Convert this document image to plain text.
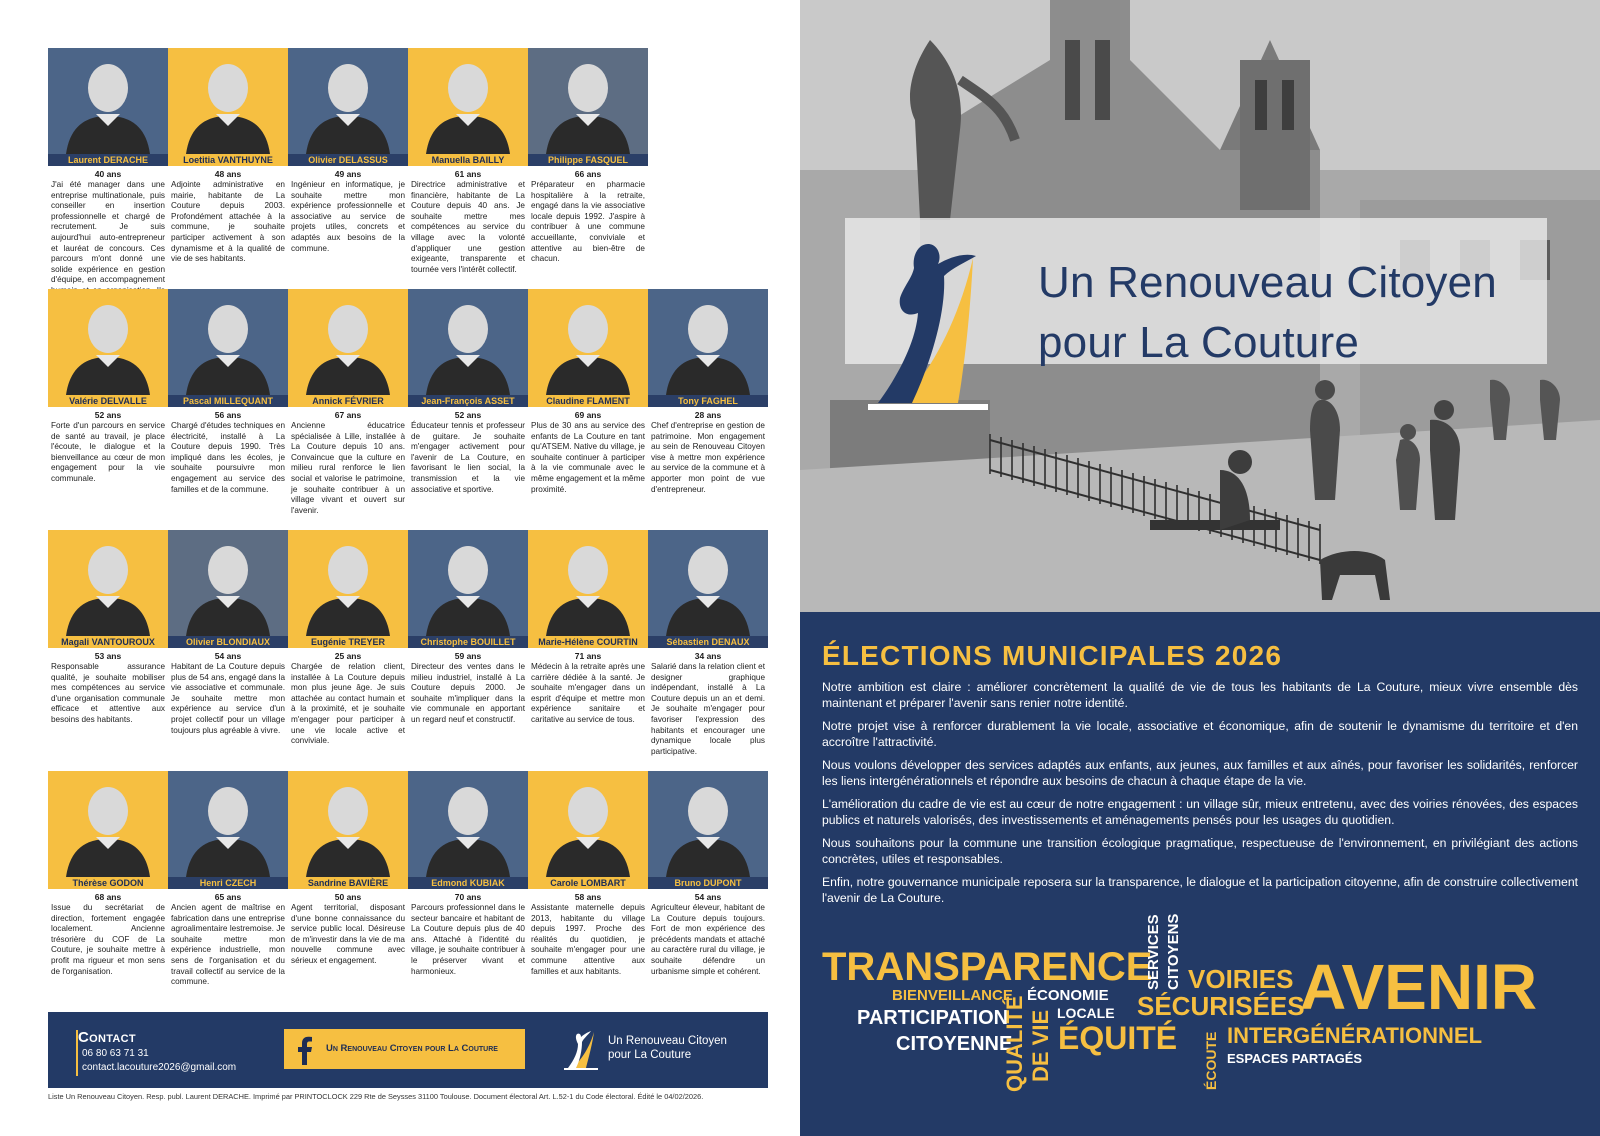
Laurent DERACHE
40 ans
J'ai été manager dans une entreprise multinationale, puis conseiller en insertion professionnelle et chargé de recrutement. Je suis aujourd'hui auto-entrepreneur et lauréat de concours. Ces parcours m'ont donné une solide expérience en gestion d'équipe, en accompagnement
Loetitia VANTHUYNE
48 ans
Adjointe administrative en mairie, habitante de La Couture depuis 2003. Profondément attachée à la commune, je souhaite participer activement à son dynamisme et à la qualité de vie de ses habitants.
Olivier DELASSUS
49 ans
Ingénieur en informatique, je souhaite mettre mon expérience professionnelle et associative au service de projets utiles, concrets et adaptés aux besoins de la commune.
Manuella BAILLY
61 ans
Directrice administrative et financière, habitante de La Couture depuis 40 ans. Je souhaite mettre mes compétences au service du village avec la volonté d'appliquer une gestion exigeante, transparente et tournée vers l'intérêt collectif.
Philippe FASQUEL
66 ans
Préparateur en pharmacie hospitalière à la retraite, engagé dans la vie associative locale depuis 1992. J'aspire à contribuer à une commune accueillante, conviviale et attentive au bien-être de chacun.
Valérie DELVALLE
52 ans
Forte d'un parcours en service de santé au travail, je place l'écoute, le dialogue et la bienveillance au cœur de mon engagement pour la vie communale.
Pascal MILLEQUANT
56 ans
Chargé d'études techniques en électricité, installé à La Couture depuis 1990. Très impliqué dans les écoles, je souhaite poursuivre mon engagement au service des familles et de la commune.
Annick FÉVRIER
67 ans
Ancienne éducatrice spécialisée à Lille, installée à La Couture depuis 10 ans. Convaincue que la culture en milieu rural renforce le lien social et valorise le patrimoine, je souhaite contribuer à un village vivant et ouvert sur l'avenir.
Jean-François ASSET
52 ans
Éducateur tennis et professeur de guitare. Je souhaite m'engager activement pour l'avenir de La Couture, en favorisant le lien social, la transmission et la vie associative et sportive.
Claudine FLAMENT
69 ans
Plus de 30 ans au service des enfants de La Couture en tant qu'ATSEM. Native du village, je souhaite continuer à participer à la vie communale avec le même engagement et la même proximité.
Tony FAGHEL
28 ans
Chef d'entreprise en gestion de patrimoine. Mon engagement au sein de Renouveau Citoyen vise à mettre mon expérience au service de la commune et à apporter mon point de vue d'entrepreneur.
Magali VANTOUROUX
53 ans
Responsable assurance qualité, je souhaite mobiliser mes compétences au service d'une organisation communale efficace et attentive aux besoins des habitants.
Olivier BLONDIAUX
54 ans
Habitant de La Couture depuis plus de 54 ans, engagé dans la vie associative et communale. Je souhaite mettre mon expérience au service d'un projet collectif pour un village toujours plus agréable à vivre.
Eugénie TREYER
25 ans
Chargée de relation client, installée à La Couture depuis mon plus jeune âge. Je suis attachée au contact humain et à la proximité, et je souhaite m'engager pour participer à une vie locale active et conviviale.
Christophe BOUILLET
59 ans
Directeur des ventes dans le milieu industriel, installé à La Couture depuis 2000. Je souhaite m'impliquer dans la vie communale en apportant un regard neuf et constructif.
Marie-Hélène COURTIN
71 ans
Médecin à la retraite après une carrière dédiée à la santé. Je souhaite m'engager dans un esprit d'équipe et mettre mon expérience sanitaire et caritative au service de tous.
Sébastien DENAUX
34 ans
Salarié dans la relation client et designer graphique indépendant, installé à La Couture depuis un an et demi. Je souhaite m'engager pour favoriser l'expression des habitants et encourager une dynamique locale plus participative.
Thérèse GODON
68 ans
Issue du secrétariat de direction, fortement engagée localement. Ancienne trésorière du COF de La Couture, je souhaite mettre à profit ma rigueur et mon sens de l'organisation.
Henri CZECH
65 ans
Ancien agent de maîtrise en fabrication dans une entreprise agroalimentaire lestremoise. Je souhaite mettre mon expérience industrielle, mon sens de l'organisation et du travail collectif au service de la commune.
Sandrine BAVIÈRE
50 ans
Agent territorial, disposant d'une bonne connaissance du service public local. Désireuse de m'investir dans la vie de ma nouvelle commune avec sérieux et engagement.
Edmond KUBIAK
70 ans
Parcours professionnel dans le secteur bancaire et habitant de La Couture depuis plus de 40 ans. Attaché à l'identité du village, je souhaite contribuer à le préserver vivant et harmonieux.
Carole LOMBART
58 ans
Assistante maternelle depuis 2013, habitante du village depuis 1997. Proche des réalités du quotidien, je souhaite m'engager pour une commune attentive aux familles et aux habitants.
Bruno DUPONT
54 ans
Agriculteur éleveur, habitant de La Couture depuis toujours. Fort de mon expérience des précédents mandats et attaché au caractère rural du village, je souhaite défendre un urbanisme simple et cohérent.
Contact
06 80 63 71 31
contact.lacouture2026@gmail.com
Un Renouveau Citoyen pour La Couture
Un Renouveau Citoyen
pour La Couture
Liste Un Renouveau Citoyen. Resp. publ. Laurent DERACHE. Imprimé par PRINTOCLOCK 229 Rte de Seysses 31100 Toulouse. Document électoral Art. L.52-1 du Code électoral. Édité le 04/02/2026.
Un Renouveau Citoyen
pour La Couture
ÉLECTIONS MUNICIPALES 2026

Notre ambition est claire : améliorer concrètement la qualité de vie de tous les habitants de La Couture, mieux vivre ensemble dès maintenant et préparer l'avenir sans renier notre identité.

Notre projet vise à renforcer durablement la vie locale, associative et économique, afin de soutenir le dynamisme du territoire et d'en accroître l'attractivité.

Nous voulons développer des services adaptés aux enfants, aux jeunes, aux familles et aux aînés, pour favoriser les solidarités, renforcer les liens intergénérationnels et répondre aux besoins de chacun à chaque étape de la vie.

L'amélioration du cadre de vie est au cœur de notre engagement : un village sûr, mieux entretenu, avec des voiries rénovées, des espaces publics et naturels valorisés, des investissements et aménagements pensés pour les usages du quotidien.

Nous souhaitons pour la commune une transition écologique pragmatique, respectueuse de l'environnement, en privilégiant des actions concrètes, utiles et responsables.

Enfin, notre gouvernance municipale reposera sur la transparence, le dialogue et la participation citoyenne, afin de construire collectivement l'avenir de La Couture.

TRANSPARENCE
BIENVEILLANCE ÉCONOMIE
LOCALE
PARTICIPATION
CITOYENNE
QUALITÉ DE VIE
SERVICES CITOYENS VOIRIES
SÉCURISÉES
ÉQUITÉ ÉCOUTE
AVENIR
INTERGÉNÉRATIONNEL
ESPACES PARTAGÉS
